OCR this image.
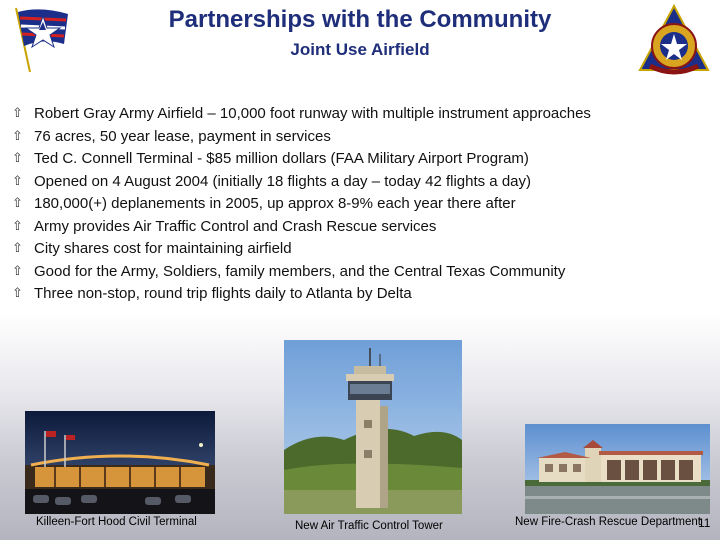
Partnerships with the Community
Joint Use Airfield
⇧ Robert Gray Army Airfield – 10,000 foot runway with multiple instrument approaches
⇧ 76 acres, 50 year lease, payment in services
⇧ Ted C. Connell Terminal - $85 million dollars (FAA Military Airport Program)
⇧ Opened on 4 August 2004 (initially 18 flights a day – today 42 flights a day)
⇧ 180,000(+) deplanements in 2005, up approx 8-9% each year there after
⇧ Army provides Air Traffic Control and Crash Rescue services
⇧ City shares cost for maintaining airfield
⇧ Good for the Army, Soldiers, family members, and the Central Texas Community
⇧ Three non-stop, round trip flights daily to Atlanta by Delta
Killeen-Fort Hood Civil Terminal	New Air Traffic Control Tower	New Fire-Crash Rescue Department
11
